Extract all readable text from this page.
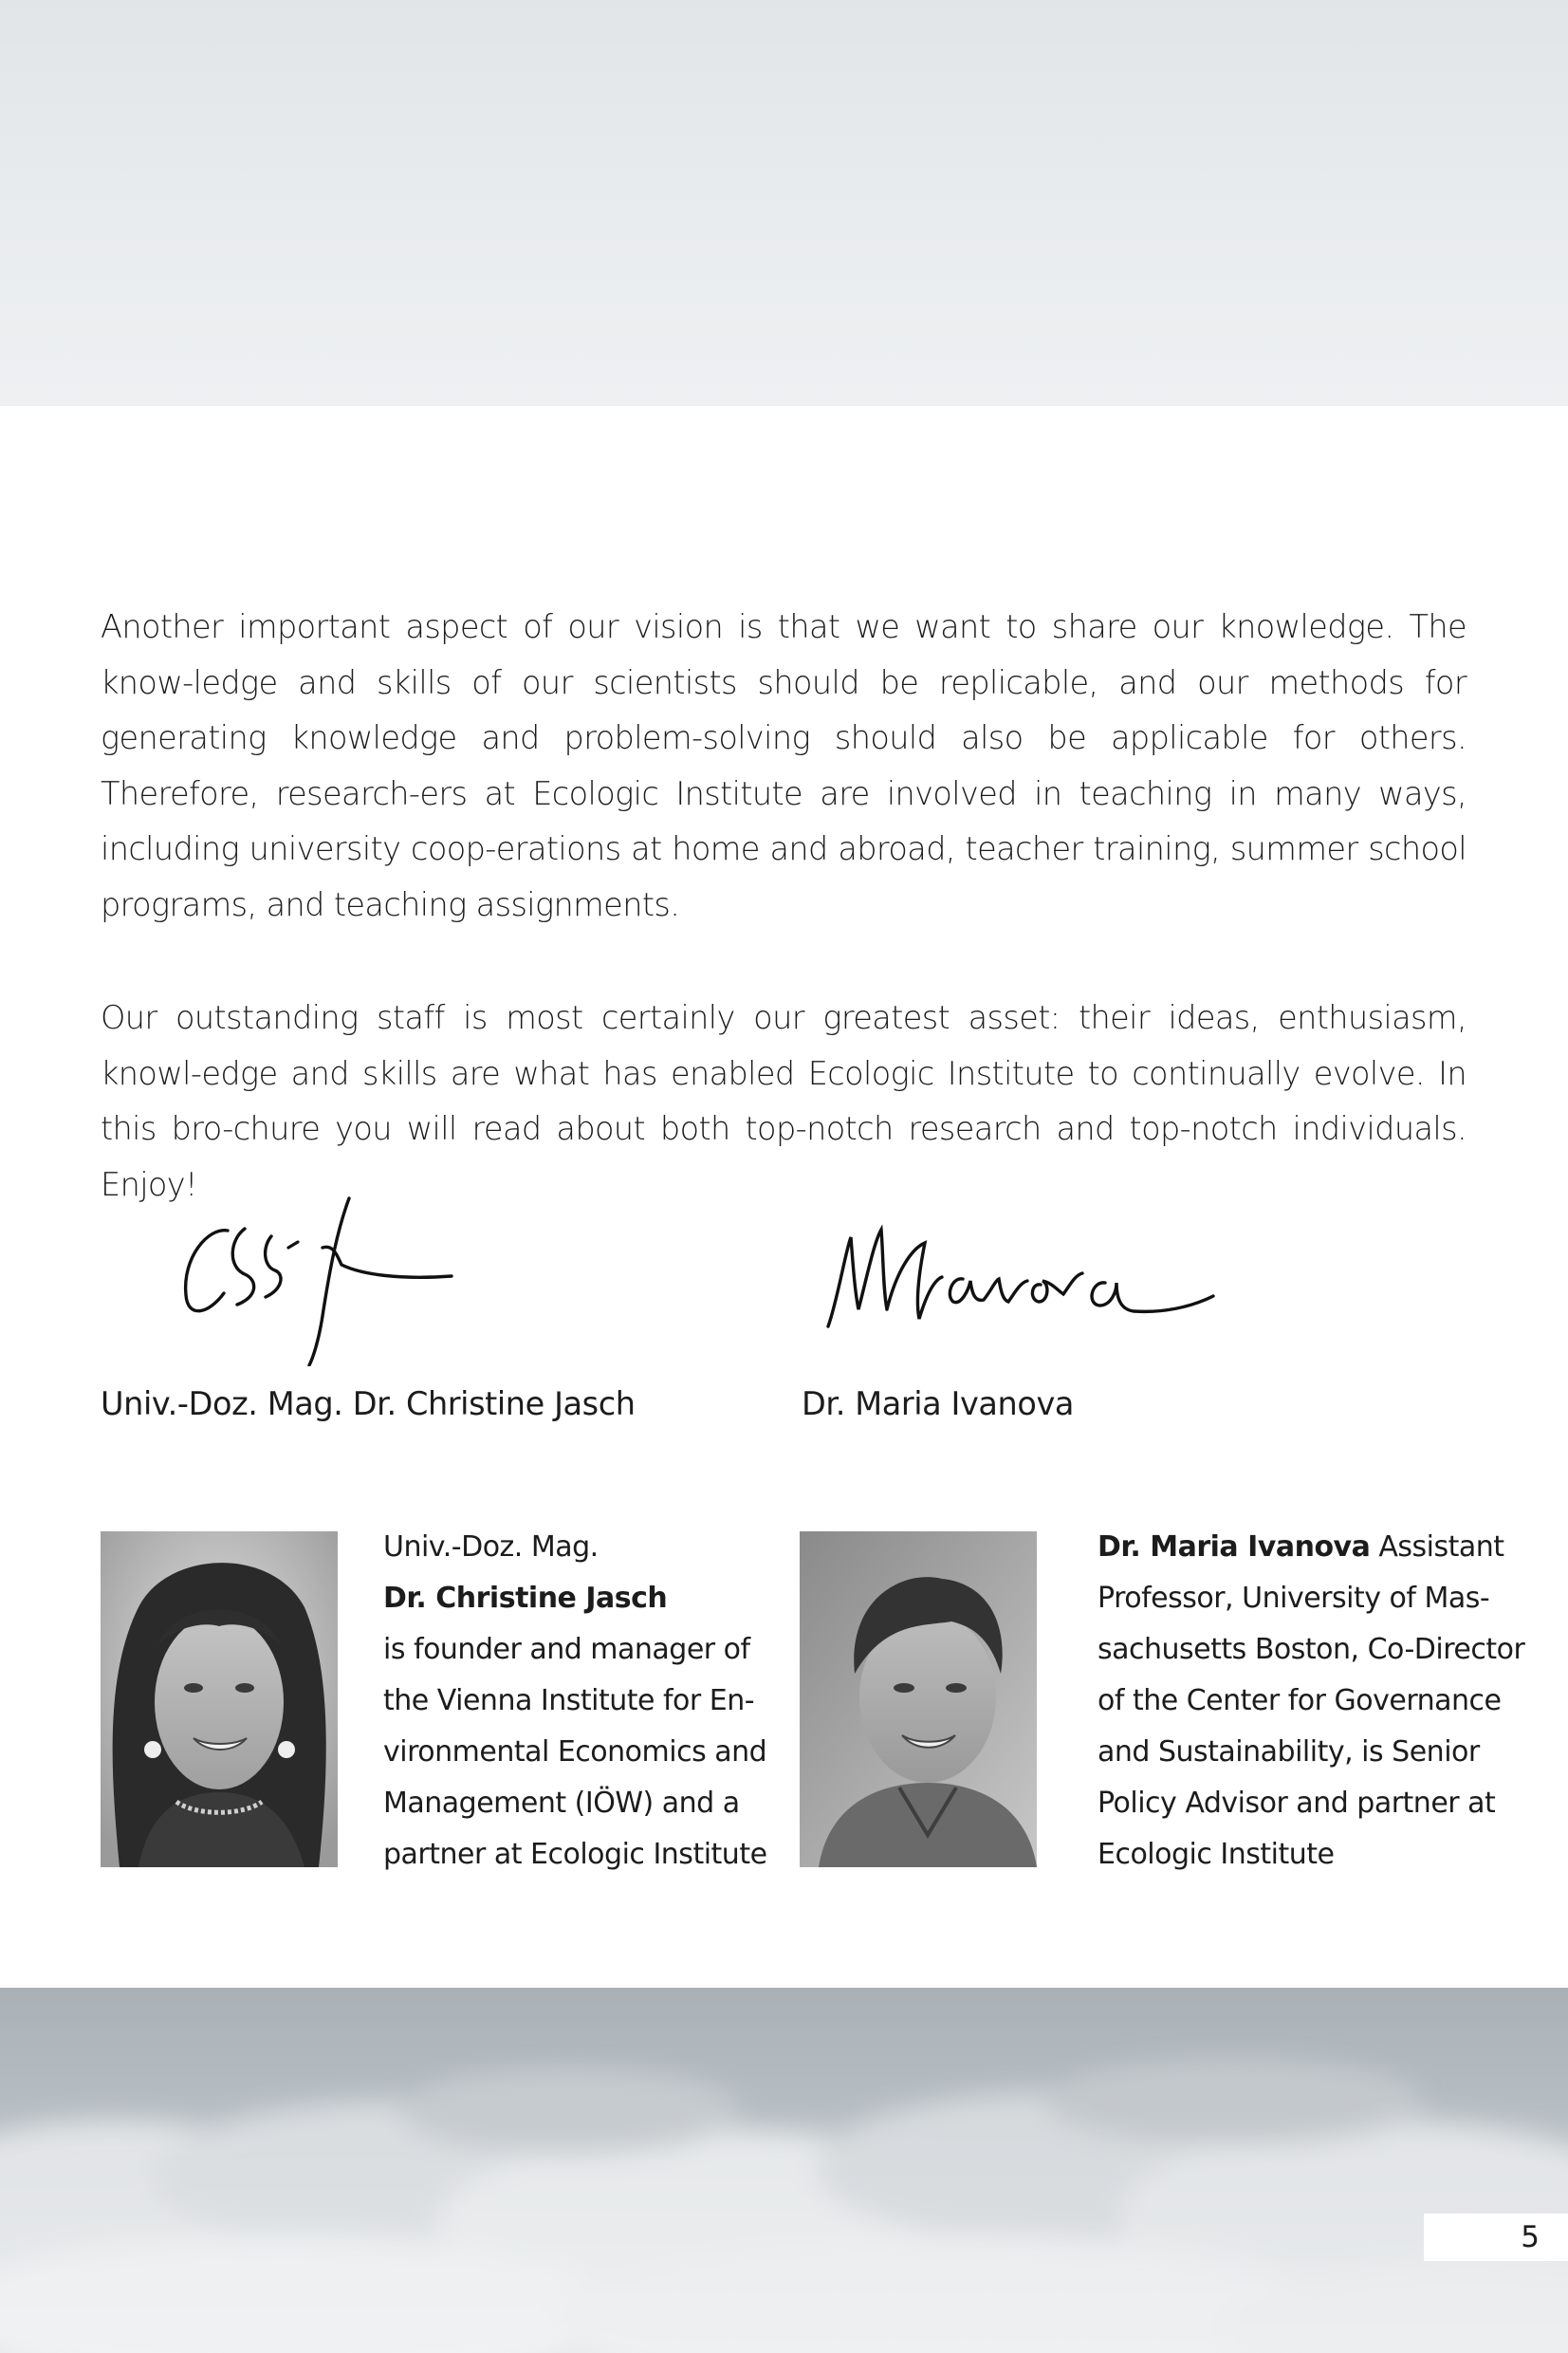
Another important aspect of our vision is that we want to share our knowledge. The know-ledge and skills of our scientists should be replicable, and our methods for generating knowledge and problem-solving should also be applicable for others. Therefore, research-ers at Ecologic Institute are involved in teaching in many ways, including university coop-erations at home and abroad, teacher training, summer school programs, and teaching assignments.

Our outstanding staff is most certainly our greatest asset: their ideas, enthusiasm, knowl-edge and skills are what has enabled Ecologic Institute to continually evolve. In this bro-chure you will read about both top-notch research and top-notch individuals. Enjoy!

Univ.-Doz. Mag. Dr. Christine Jasch	Dr. Maria Ivanova
Univ.-Doz. Mag.
Dr. Christine Jasch
is founder and manager of
the Vienna Institute for En-
vironmental Economics and
Management (IÖW) and a
partner at Ecologic Institute
Dr. Maria Ivanova Assistant
Professor, University of Mas-
sachusetts Boston, Co-Director
of the Center for Governance
and Sustainability, is Senior
Policy Advisor and partner at
Ecologic Institute
5
